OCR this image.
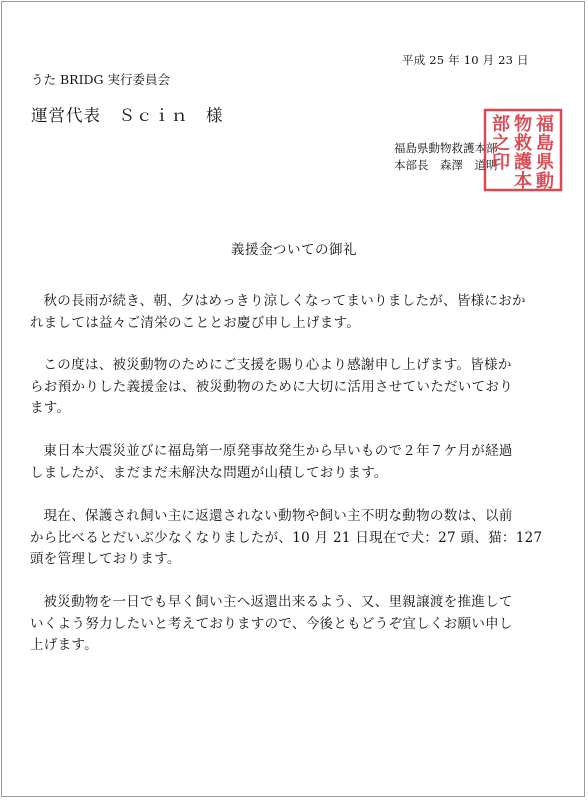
平成 25 年 10 月 23 日
うた BRIDG 実行委員会
運営代表　Ｓｃｉｎ　様
福島県動物救護本部
本部長　森澤　道明
福
島
県
動
物
救
護
本
部
之
印
義援金ついての御礼
秋の長雨が続き、朝、夕はめっきり涼しくなってまいりましたが、皆様におか
れましては益々ご清栄のこととお慶び申し上げます。
この度は、被災動物のためにご支援を賜り心より感謝申し上げます。皆様か
らお預かりした義援金は、被災動物のために大切に活用させていただいており
ます。
東日本大震災並びに福島第一原発事故発生から早いもので２年７ケ月が経過
しましたが、まだまだ未解決な問題が山積しております。
現在、保護され飼い主に返還されない動物や飼い主不明な動物の数は、以前
から比べるとだいぶ少なくなりましたが、10 月 21 日現在で犬：27 頭、猫：127
頭を管理しております。
被災動物を一日でも早く飼い主へ返還出来るよう、又、里親譲渡を推進して
いくよう努力したいと考えておりますので、今後ともどうぞ宜しくお願い申し
上げます。
